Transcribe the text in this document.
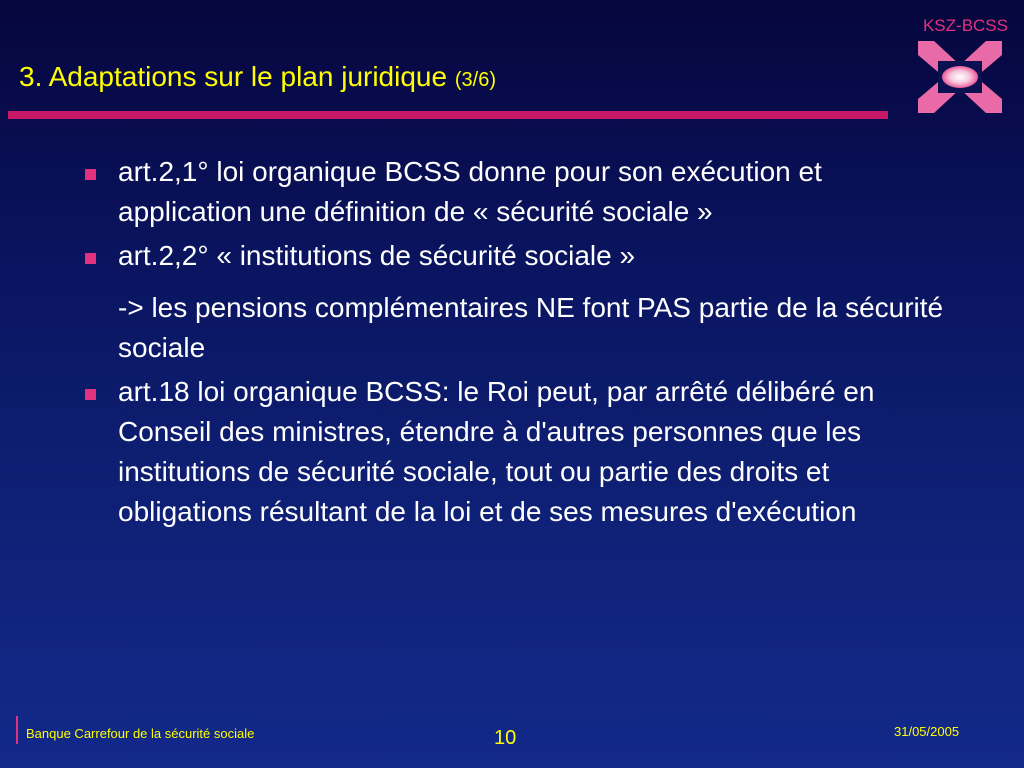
KSZ-BCSS
3. Adaptations sur le plan juridique (3/6)
art.2,1° loi organique BCSS donne pour son exécution et application une définition de « sécurité sociale »
art.2,2° « institutions de sécurité sociale »
-> les pensions complémentaires NE font PAS partie de la sécurité sociale
art.18 loi organique BCSS: le Roi peut, par arrêté délibéré en Conseil des ministres, étendre à d'autres personnes que les institutions de sécurité sociale, tout ou partie des droits et obligations résultant de la loi et de ses mesures d'exécution
Banque Carrefour de la sécurité sociale	10	31/05/2005
